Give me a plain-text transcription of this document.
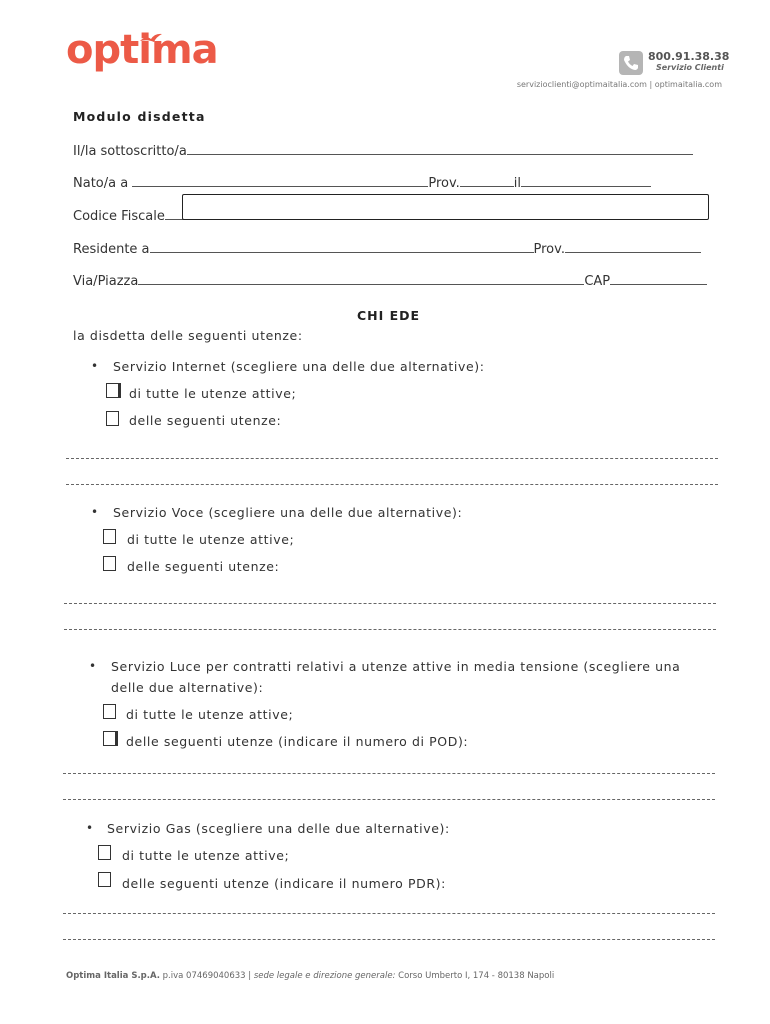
optima	800.91.38.38
Servizio Clienti
servizioclienti@optimaitalia.com | optimaitalia.com
Modulo disdetta
Il/la sottoscritto/a
Nato/a a	Prov.	il
Codice Fiscale
Residente a	Prov.
Via/Piazza	CAP
CHI EDE
la disdetta delle seguenti utenze:
• Servizio Internet (scegliere una delle due alternative):
di tutte le utenze attive;
delle seguenti utenze:
• Servizio Voce (scegliere una delle due alternative):
di tutte le utenze attive;
delle seguenti utenze:
• Servizio Luce per contratti relativi a utenze attive in media tensione (scegliere una
delle due alternative):
di tutte le utenze attive;
delle seguenti utenze (indicare il numero di POD):
• Servizio Gas (scegliere una delle due alternative):
di tutte le utenze attive;
delle seguenti utenze (indicare il numero PDR):
Optima Italia S.p.A. p.iva 07469040633 | sede legale e direzione generale: Corso Umberto I, 174 - 80138 Napoli
